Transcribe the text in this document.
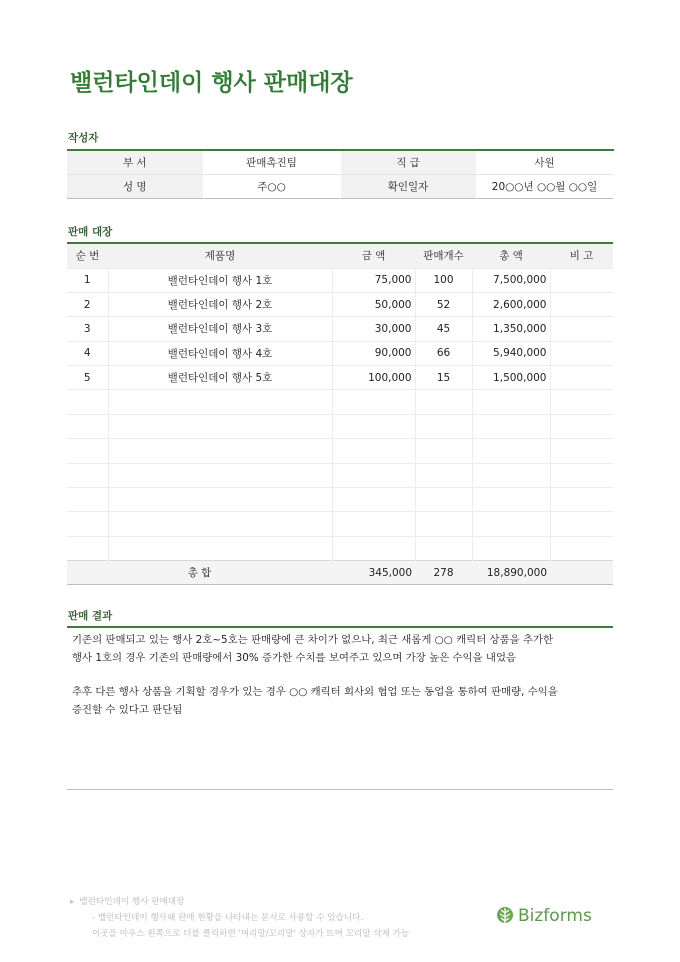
밸런타인데이 행사 판매대장
작성자
부 서	판매촉진팀	직 급	사원
성 명	주○○	확인일자	20○○년 ○○월 ○○일
판매 대장
순 번	제품명	금 액	판매개수	총 액	비 고
1	밸런타인데이 행사 1호	75,000	100	7,500,000	
2	밸런타인데이 행사 2호	50,000	52	2,600,000	
3	밸런타인데이 행사 3호	30,000	45	1,350,000	
4	밸런타인데이 행사 4호	90,000	66	5,940,000	
5	밸런타인데이 행사 5호	100,000	15	1,500,000	

총 합		345,000	278	18,890,000	
판매 결과
기존의 판매되고 있는 행사 2호~5호는 판매량에 큰 차이가 없으나, 최근 새롭게 ○○ 캐릭터 상품을 추가한
행사 1호의 경우 기존의 판매량에서 30% 증가한 수치를 보여주고 있으며 가장 높은 수익을 내었음
추후 다른 행사 상품을 기획할 경우가 있는 경우 ○○ 캐릭터 회사외 협업 또는 동업을 통하여 판매량, 수익을
증진할 수 있다고 판단됨
▸ 밸런타인데이 행사 판매대장
- 밸런타인데이 행사때 판매 현황을 나타내는 문서로 사용할 수 있습니다.
이곳을 마우스 왼쪽으로 더블 클릭하면 '머리말/꼬리말' 상자가 뜨며 꼬리말 삭제 가능
Bizforms
